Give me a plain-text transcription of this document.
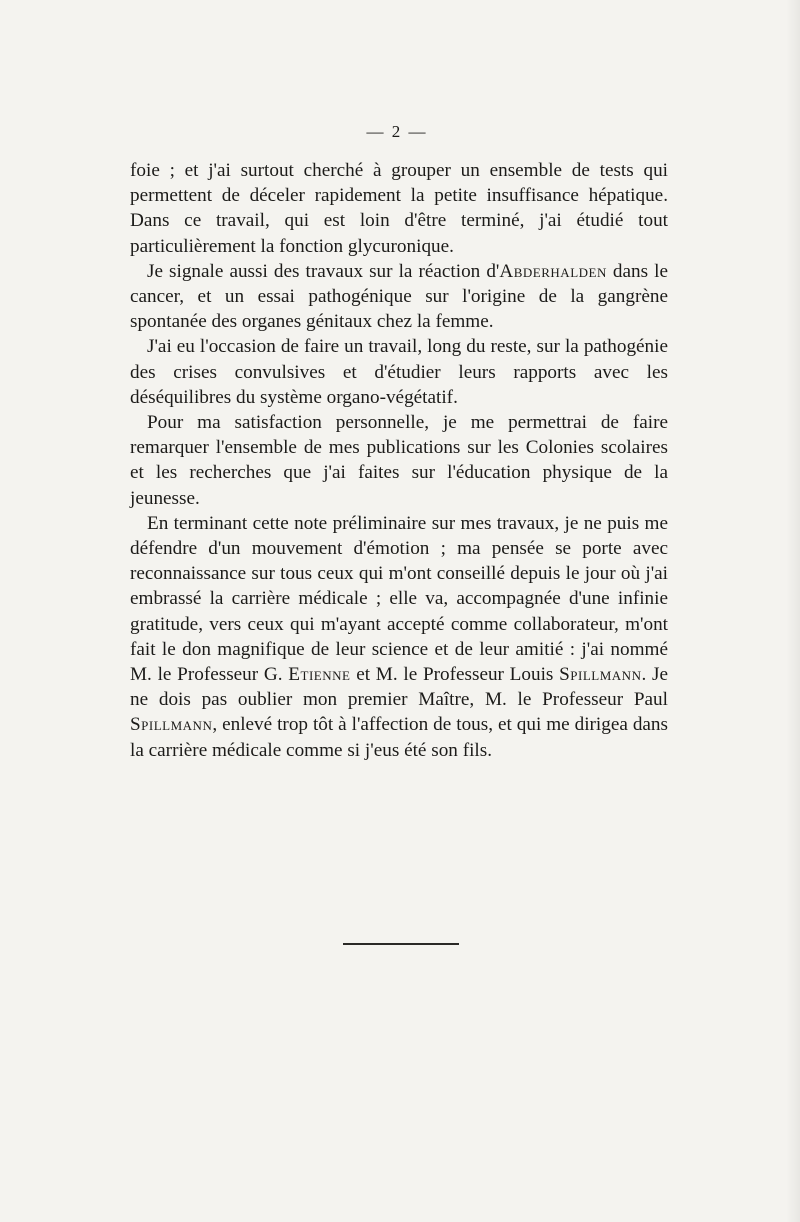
— 2 —

foie ; et j'ai surtout cherché à grouper un ensemble de tests qui permettent de déceler rapidement la petite insuffisance hépatique. Dans ce travail, qui est loin d'être terminé, j'ai étudié tout particulièrement la fonction glycuronique.

Je signale aussi des travaux sur la réaction d'Abderhalden dans le cancer, et un essai pathogénique sur l'origine de la gangrène spontanée des organes génitaux chez la femme.

J'ai eu l'occasion de faire un travail, long du reste, sur la pathogénie des crises convulsives et d'étudier leurs rapports avec les déséquilibres du système organo-végétatif.

Pour ma satisfaction personnelle, je me permettrai de faire remarquer l'ensemble de mes publications sur les Colonies scolaires et les recherches que j'ai faites sur l'éducation physique de la jeunesse.

En terminant cette note préliminaire sur mes travaux, je ne puis me défendre d'un mouvement d'émotion ; ma pensée se porte avec reconnaissance sur tous ceux qui m'ont conseillé depuis le jour où j'ai embrassé la carrière médicale ; elle va, accompagnée d'une infinie gratitude, vers ceux qui m'ayant accepté comme collaborateur, m'ont fait le don magnifique de leur science et de leur amitié : j'ai nommé M. le Professeur G. Etienne et M. le Professeur Louis Spillmann. Je ne dois pas oublier mon premier Maître, M. le Professeur Paul Spillmann, enlevé trop tôt à l'affection de tous, et qui me dirigea dans la carrière médicale comme si j'eus été son fils.
